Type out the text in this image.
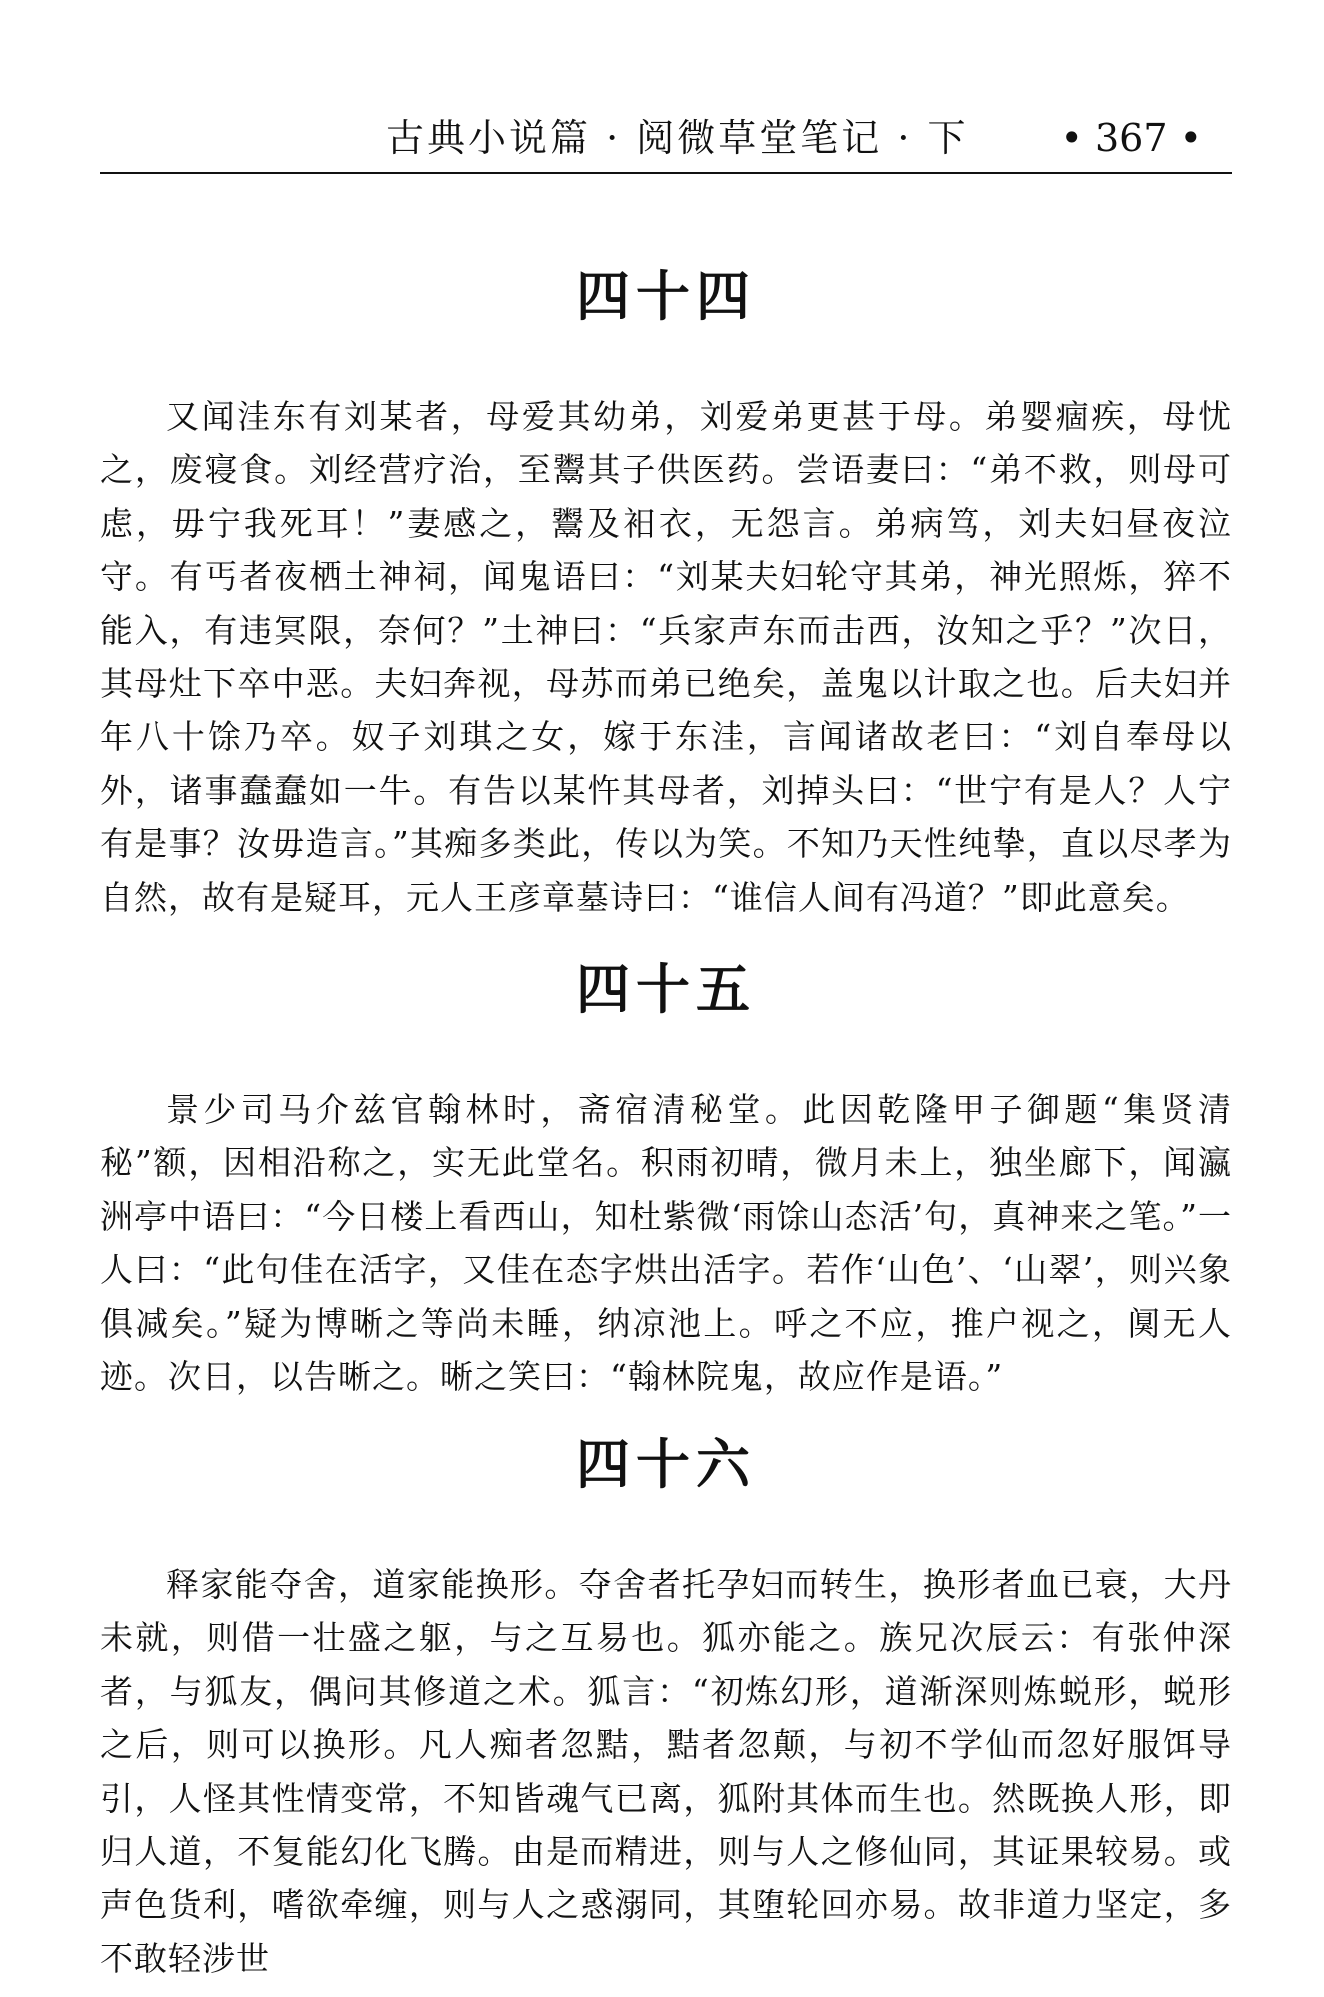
古典小说篇 · 阅微草堂笔记 · 下 • 367 •
四十四

又闻洼东有刘某者，母爱其幼弟，刘爱弟更甚于母。弟婴痼疾，母忧之，废寝食。刘经营疗治，至鬻其子供医药。尝语妻曰：“弟不救，则母可虑，毋宁我死耳！”妻感之，鬻及衵衣，无怨言。弟病笃，刘夫妇昼夜泣守。有丐者夜栖土神祠，闻鬼语曰：“刘某夫妇轮守其弟，神光照烁，猝不能入，有违冥限，奈何？”土神曰：“兵家声东而击西，汝知之乎？”次日，其母灶下卒中恶。夫妇奔视，母苏而弟已绝矣，盖鬼以计取之也。后夫妇并年八十馀乃卒。奴子刘琪之女，嫁于东洼，言闻诸故老曰：“刘自奉母以外，诸事蠢蠢如一牛。有告以某忤其母者，刘掉头曰：“世宁有是人？人宁有是事？汝毋造言。”其痴多类此，传以为笑。不知乃天性纯挚，直以尽孝为自然，故有是疑耳，元人王彦章墓诗曰：“谁信人间有冯道？”即此意矣。

四十五

景少司马介兹官翰林时，斋宿清秘堂。此因乾隆甲子御题“集贤清秘”额，因相沿称之，实无此堂名。积雨初晴，微月未上，独坐廊下，闻瀛洲亭中语曰：“今日楼上看西山，知杜紫微‘雨馀山态活’句，真神来之笔。”一人曰：“此句佳在活字，又佳在态字烘出活字。若作‘山色’、‘山翠’，则兴象俱减矣。”疑为博晰之等尚未睡，纳凉池上。呼之不应，推户视之，阒无人迹。次日，以告晰之。晰之笑曰：“翰林院鬼，故应作是语。”

四十六

释家能夺舍，道家能换形。夺舍者托孕妇而转生，换形者血已衰，大丹未就，则借一壮盛之躯，与之互易也。狐亦能之。族兄次辰云：有张仲深者，与狐友，偶问其修道之术。狐言：“初炼幻形，道渐深则炼蜕形，蜕形之后，则可以换形。凡人痴者忽黠，黠者忽颠，与初不学仙而忽好服饵导引，人怪其性情变常，不知皆魂气已离，狐附其体而生也。然既换人形，即归人道，不复能幻化飞腾。由是而精进，则与人之修仙同，其证果较易。或声色货利，嗜欲牵缠，则与人之惑溺同，其堕轮回亦易。故非道力坚定，多不敢轻涉世
